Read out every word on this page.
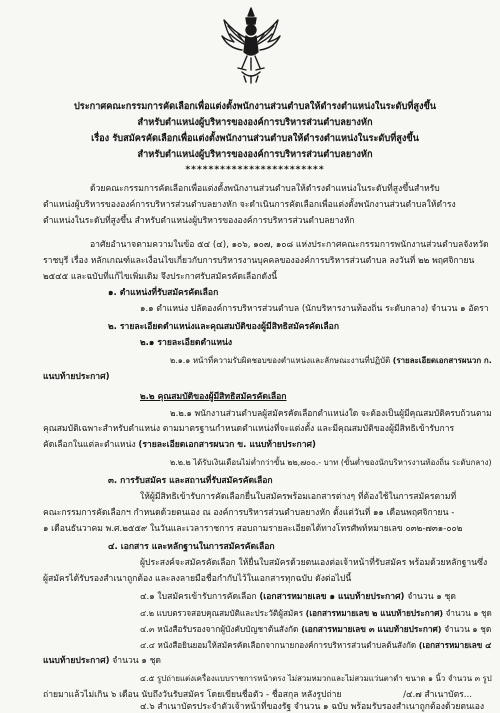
ประกาศคณะกรรมการคัดเลือกเพื่อแต่งตั้งพนักงานส่วนตำบลให้ดำรงตำแหน่งในระดับที่สูงขึ้น
สำหรับตำแหน่งผู้บริหารขององค์การบริหารส่วนตำบลยางหัก
เรื่อง รับสมัครคัดเลือกเพื่อแต่งตั้งพนักงานส่วนตำบลให้ดำรงตำแหน่งในระดับที่สูงขึ้น
สำหรับตำแหน่งผู้บริหารขององค์การบริหารส่วนตำบลยางหัก
************************
ด้วยคณะกรรมการคัดเลือกเพื่อแต่งตั้งพนักงานส่วนตำบลให้ดำรงตำแหน่งในระดับที่สูงขึ้นสำหรับ
ตำแหน่งผู้บริหารขององค์การบริหารส่วนตำบลยางหัก จะดำเนินการคัดเลือกเพื่อแต่งตั้งพนักงานส่วนตำบลให้ดำรง
ตำแหน่งในระดับที่สูงขึ้น สำหรับตำแหน่งผู้บริหารขององค์การบริหารส่วนตำบลยางหัก
อาศัยอำนาจตามความในข้อ ๕๔ (๔), ๑๐๖, ๑๐๗, ๑๐๘ แห่งประกาศคณะกรรมการพนักงานส่วนตำบลจังหวัด
ราชบุรี เรื่อง หลักเกณฑ์และเงื่อนไขเกี่ยวกับการบริหารงานบุคคลขององค์การบริหารส่วนตำบล ลงวันที่ ๒๒ พฤศจิกายน
๒๕๔๕ และฉบับที่แก้ไขเพิ่มเติม จึงประกาศรับสมัครคัดเลือกดังนี้
๑. ตำแหน่งที่รับสมัครคัดเลือก
๑.๑ ตำแหน่ง ปลัดองค์การบริหารส่วนตำบล (นักบริหารงานท้องถิ่น ระดับกลาง) จำนวน ๑ อัตรา
๒. รายละเอียดตำแหน่งและคุณสมบัติของผู้มีสิทธิสมัครคัดเลือก
๒.๑ รายละเอียดตำแหน่ง
๒.๑.๑ หน้าที่ความรับผิดชอบของตำแหน่งและลักษณะงานที่ปฏิบัติ (รายละเอียดเอกสารผนวก ก.
แนบท้ายประกาศ)
๒.๒ คุณสมบัติของผู้มีสิทธิสมัครคัดเลือก
๒.๒.๑ พนักงานส่วนตำบลผู้สมัครคัดเลือกตำแหน่งใด จะต้องเป็นผู้มีคุณสมบัติครบถ้วนตาม
คุณสมบัติเฉพาะสำหรับตำแหน่ง ตามมาตรฐานกำหนดตำแหน่งที่จะแต่งตั้ง และมีคุณสมบัติของผู้มีสิทธิเข้ารับการ
คัดเลือกในแต่ละตำแหน่ง (รายละเอียดเอกสารผนวก ข. แนบท้ายประกาศ)
๒.๒.๒ ได้รับเงินเดือนไม่ต่ำกว่าขั้น ๒๒,๗๐๐.- บาท (ขั้นต่ำของนักบริหารงานท้องถิ่น ระดับกลาง)
๓. การรับสมัคร และสถานที่รับสมัครคัดเลือก
ให้ผู้มีสิทธิเข้ารับการคัดเลือกยื่นใบสมัครพร้อมเอกสารต่างๆ ที่ต้องใช้ในการสมัครตามที่
คณะกรรมการคัดเลือกฯ กำหนดด้วยตนเอง ณ องค์การบริหารส่วนตำบลยางหัก ตั้งแต่วันที่ ๑๑ เดือนพฤศจิกายน -
๑ เดือนธันวาคม พ.ศ.๒๕๕๙ ในวันและเวลาราชการ สอบถามรายละเอียดได้ทางโทรศัพท์หมายเลข ๐๓๒-๗๓๑-๐๐๒
๔. เอกสาร และหลักฐานในการสมัครคัดเลือก
ผู้ประสงค์จะสมัครคัดเลือก ให้ยื่นใบสมัครด้วยตนเองต่อเจ้าหน้าที่รับสมัคร พร้อมด้วยหลักฐานซึ่ง
ผู้สมัครได้รับรองสำเนาถูกต้อง และลงลายมือชื่อกำกับไว้ในเอกสารทุกฉบับ ดังต่อไปนี้
๔.๑ ใบสมัครเข้ารับการคัดเลือก (เอกสารหมายเลข ๑ แนบท้ายประกาศ) จำนวน ๑ ชุด
๔.๒ แบบตรวจสอบคุณสมบัติและประวัติผู้สมัคร (เอกสารหมายเลข ๒ แนบท้ายประกาศ) จำนวน ๑ ชุด
๔.๓ หนังสือรับรองจากผู้บังคับบัญชาต้นสังกัด (เอกสารหมายเลข ๓ แนบท้ายประกาศ) จำนวน ๑ ชุด
๔.๔ หนังสือยินยอมให้สมัครคัดเลือกจากนายกองค์การบริหารส่วนตำบลต้นสังกัด (เอกสารหมายเลข ๔
แนบท้ายประกาศ) จำนวน ๑ ชุด
๔.๕ รูปถ่ายแต่งเครื่องแบบราชการหน้าตรง ไม่สวมหมวกและไม่สวมแว่นตาดำ ขนาด ๑ นิ้ว จำนวน ๓ รูป
ถ่ายมาแล้วไม่เกิน ๖ เดือน นับถึงวันรับสมัคร โดยเขียนชื่อตัว - ชื่อสกุล หลังรูปถ่าย
๔.๖ สำเนาบัตรประจำตัวเจ้าหน้าที่ของรัฐ จำนวน ๑ ฉบับ พร้อมรับรองสำเนาถูกต้องด้วยตนเอง
/๔.๗ สำเนาบัตร...
